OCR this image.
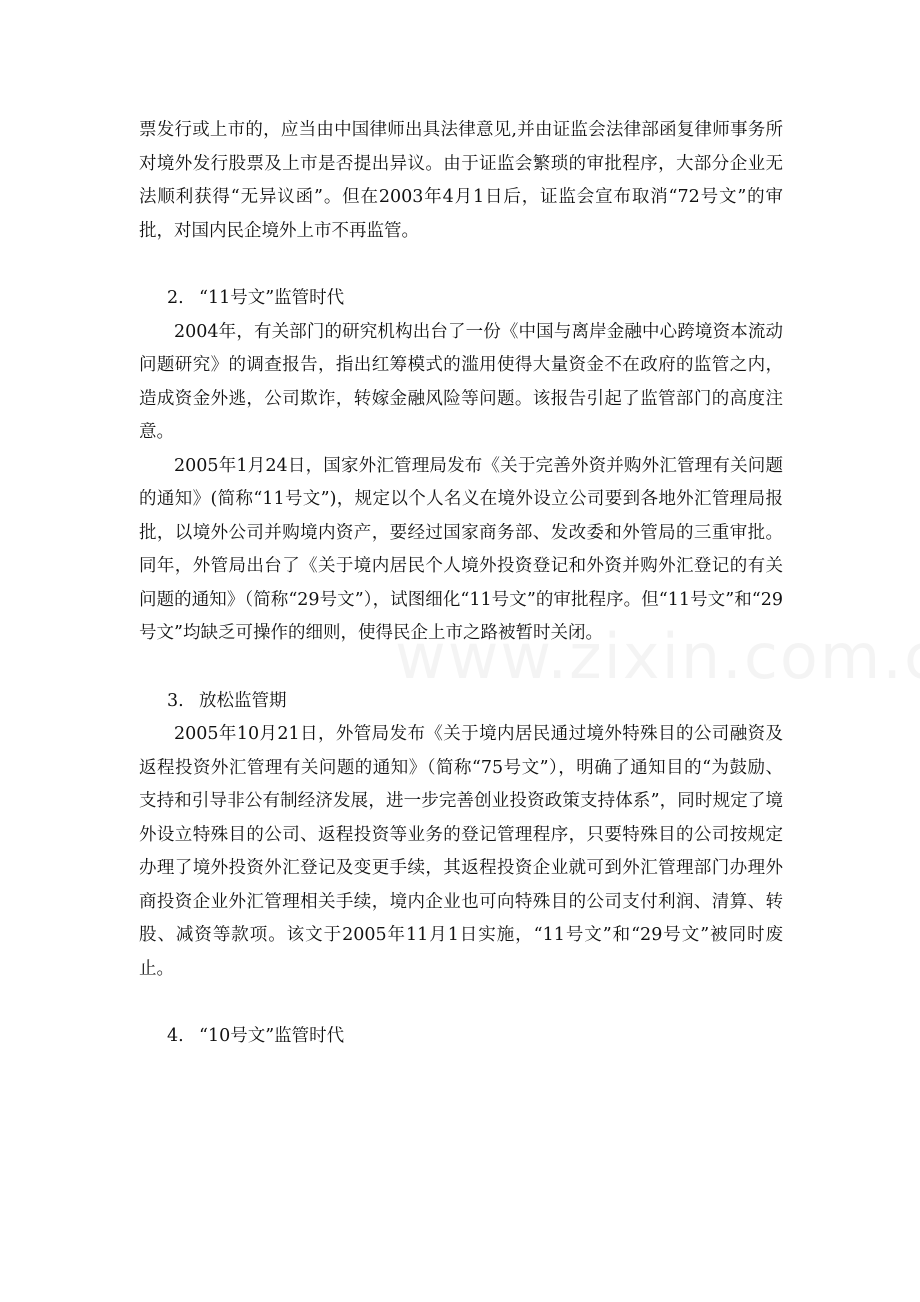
票发行或上市的，应当由中国律师出具法律意见,并由证监会法律部函复律师事务所对境外发行股票及上市是否提出异议。由于证监会繁琐的审批程序，大部分企业无法顺利获得“无异议函”。但在2003年4月1日后，证监会宣布取消“72号文”的审批，对国内民企境外上市不再监管。

2. “11号文”监管时代

2004年，有关部门的研究机构出台了一份《中国与离岸金融中心跨境资本流动问题研究》的调查报告，指出红筹模式的滥用使得大量资金不在政府的监管之内，造成资金外逃，公司欺诈，转嫁金融风险等问题。该报告引起了监管部门的高度注意。

2005年1月24日，国家外汇管理局发布《关于完善外资并购外汇管理有关问题的通知》(简称“11号文”)，规定以个人名义在境外设立公司要到各地外汇管理局报批，以境外公司并购境内资产，要经过国家商务部、发改委和外管局的三重审批。同年，外管局出台了《关于境内居民个人境外投资登记和外资并购外汇登记的有关问题的通知》（简称“29号文”），试图细化“11号文”的审批程序。但“11号文”和“29号文”均缺乏可操作的细则，使得民企上市之路被暂时关闭。

3. 放松监管期

2005年10月21日，外管局发布《关于境内居民通过境外特殊目的公司融资及返程投资外汇管理有关问题的通知》（简称“75号文”），明确了通知目的“为鼓励、支持和引导非公有制经济发展，进一步完善创业投资政策支持体系”，同时规定了境外设立特殊目的公司、返程投资等业务的登记管理程序，只要特殊目的公司按规定办理了境外投资外汇登记及变更手续，其返程投资企业就可到外汇管理部门办理外商投资企业外汇管理相关手续，境内企业也可向特殊目的公司支付利润、清算、转股、减资等款项。该文于2005年11月1日实施，“11号文”和“29号文”被同时废止。

4. “10号文”监管时代
